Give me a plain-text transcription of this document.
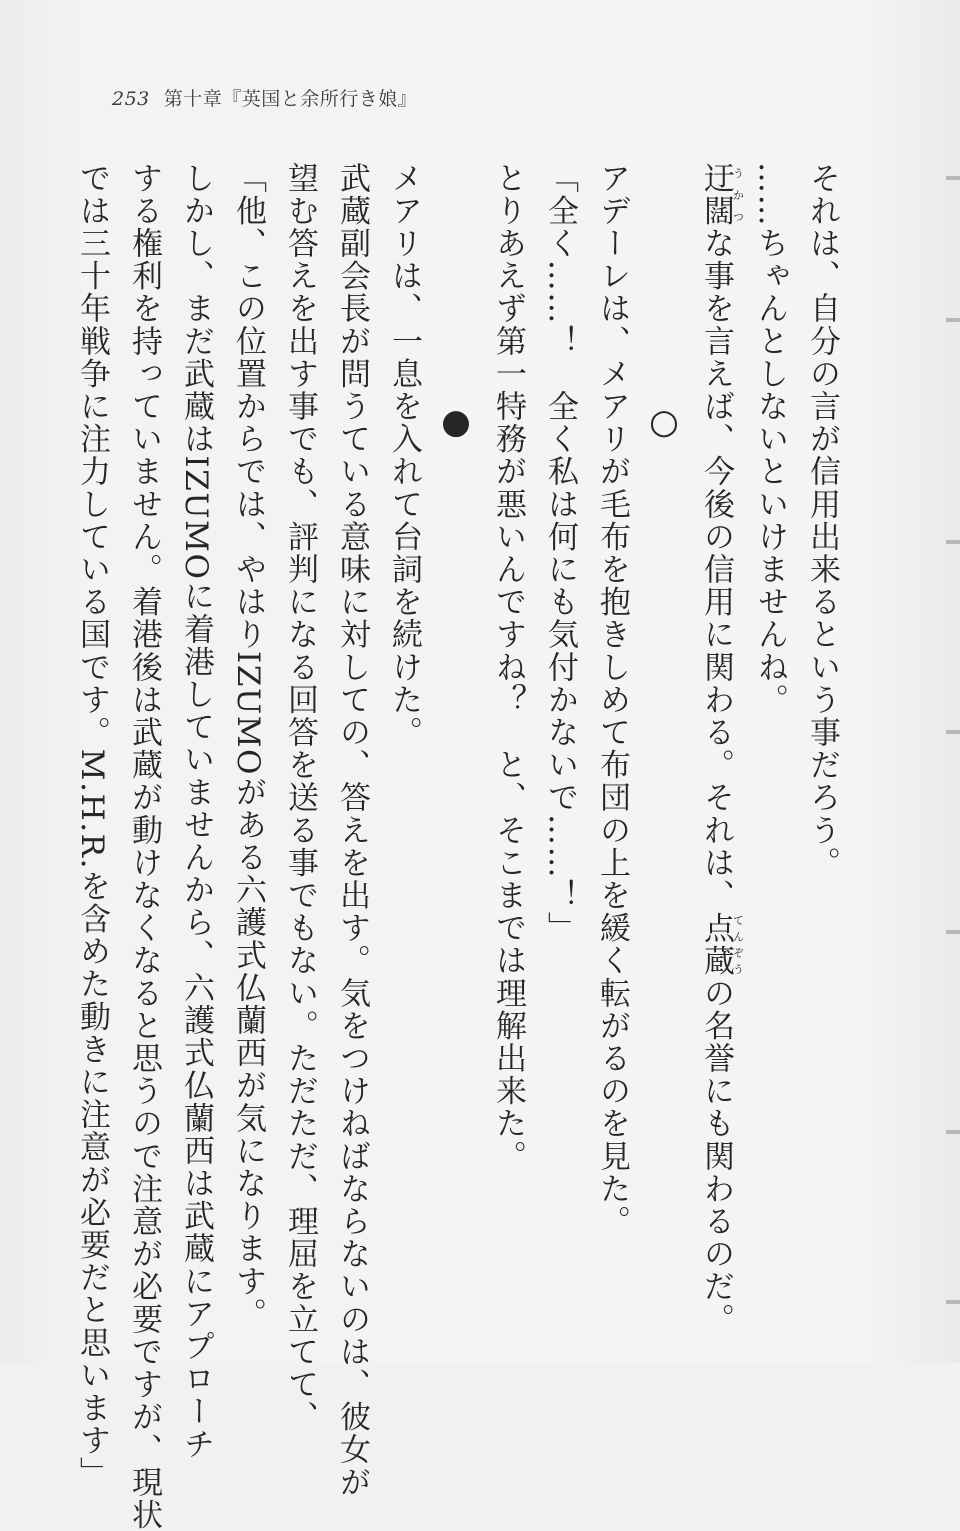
253 第十章『英国と余所行き娘』
それは、自分の言が信用出来るという事だろう。
……ちゃんとしないといけませんね。
迂闊うかつな事を言えば、今後の信用に関わる。それは、点蔵てんぞうの名誉にも関わるのだ。
○
アデーレは、メアリが毛布を抱きしめて布団の上を緩く転がるのを見た。
「全く……！　全く私は何にも気付かないで……！」
とりあえず第一特務が悪いんですね？　と、そこまでは理解出来た。
●
メアリは、一息を入れて台詞を続けた。
武蔵副会長が問うている意味に対しての、答えを出す。気をつけねばならないのは、彼女が
望む答えを出す事でも、評判になる回答を送る事でもない。ただただ、理屈を立てて、
「他、この位置からでは、やはりIZUMOがある六護式仏蘭西が気になります。
しかし、まだ武蔵はIZUMOに着港していませんから、六護式仏蘭西は武蔵にアプローチ
する権利を持っていません。着港後は武蔵が動けなくなると思うので注意が必要ですが、現状
では三十年戦争に注力している国です。M.H.R.を含めた動きに注意が必要だと思います」
